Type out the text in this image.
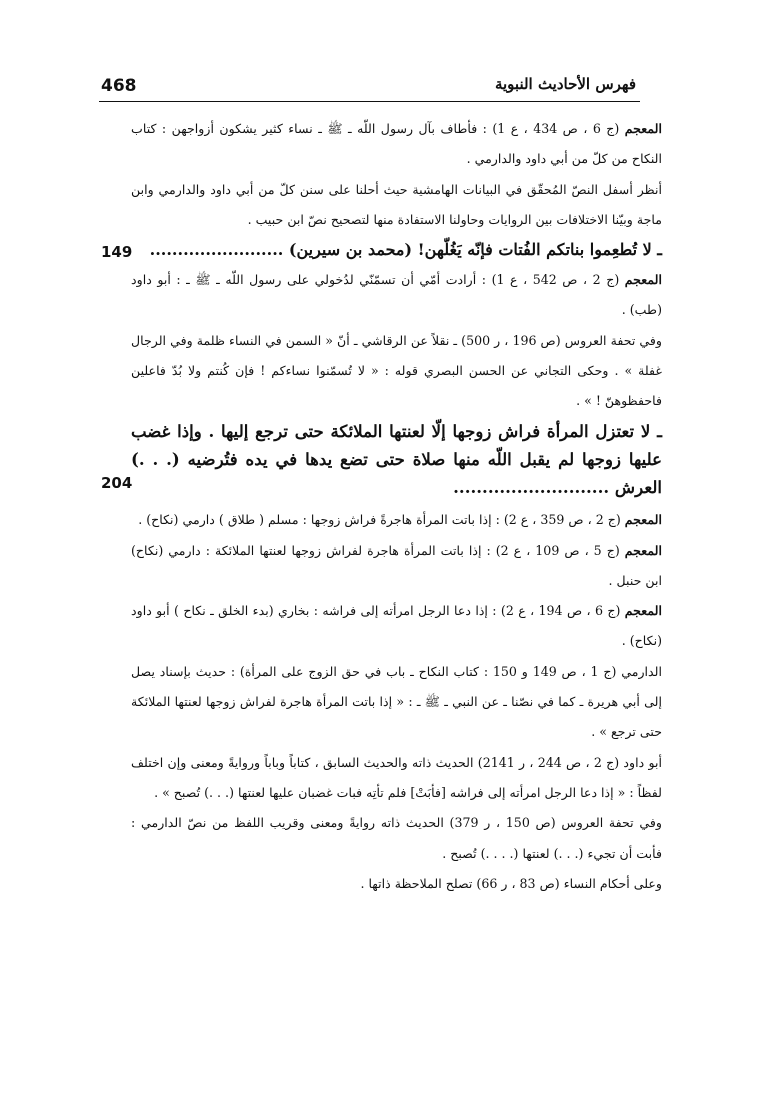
468	فهرس الأحاديث النبوية

المعجم (ج 6 ، ص 434 ، ع 1) : فأطاف بآل رسول اللّه ـ ﷺ ـ نساء كثير يشكون أزواجهن : كتاب النكاح من كلّ من أبي داود والدارمي .

أنظر أسفل النصّ المُحقّق في البيانات الهامشية حيث أحلنا على سنن كلّ من أبي داود والدارمي وابن ماجة وبيّنا الاختلافات بين الروايات وحاولنا الاستفادة منها لتصحيح نصّ ابن حبيب .

ـ لا تُطعِموا بناتكم الفُتات فإنّه يَغُلّهن! (محمد بن سيرين) ........................
149

المعجم (ج 2 ، ص 542 ، ع 1) : أرادت أمّي أن تسمّنّي لدُخولي على رسول اللّه ـ ﷺ ـ : أبو داود (طب) .

وفي تحفة العروس (ص 196 ، ر 500) ـ نقلاً عن الرقاشي ـ أنّ « السمن في النساء ظلمة وفي الرجال غفلة » . وحكى التجاني عن الحسن البصري قوله : « لا تُسمّنوا نساءكم ! فإن كُنتم ولا بُدّ فاعلين فاحفظوهنّ ! » .

ـ لا تعتزل المرأة فراش زوجها إلّا لعنتها الملائكة حتى ترجع إليها . وإذا غضب عليها زوجها لم يقبل اللّه منها صلاة حتى تضع يدها في يده فتُرضيه (. . .) العرش ...........................
204

المعجم (ج 2 ، ص 359 ، ع 2) : إذا باتت المرأة هاجرةً فراش زوجها : مسلم ( طلاق ) دارمي (نكاح) .

المعجم (ج 5 ، ص 109 ، ع 2) : إذا باتت المرأة هاجرة لفراش زوجها لعنتها الملائكة : دارمي (نكاح) ابن حنبل .

المعجم (ج 6 ، ص 194 ، ع 2) : إذا دعا الرجل امرأته إلى فراشه : بخاري (بدء الخلق ـ نكاح ) أبو داود (نكاح) .

الدارمي (ج 1 ، ص 149 و 150 : كتاب النكاح ـ باب في حق الزوج على المرأة) : حديث بإسناد يصل إلى أبي هريرة ـ كما في نصّنا ـ عن النبي ـ ﷺ ـ : « إذا باتت المرأة هاجرة لفراش زوجها لعنتها الملائكة حتى ترجع » .

أبو داود (ج 2 ، ص 244 ، ر 2141) الحديث ذاته والحديث السابق ، كتاباً وباباً وروايةً ومعنى وإن اختلف لفظاً : « إذا دعا الرجل امرأته إلى فراشه [فأبَتْ] فلم تأتِه فبات غضبان عليها لعنتها (. . .) تُصبح » .

وفي تحفة العروس (ص 150 ، ر 379) الحديث ذاته روايةً ومعنى وقريب اللفظ من نصّ الدارمي : فأبت أن تجيء (. . .) لعنتها (. . . .) تُصبح .

وعلى أحكام النساء (ص 83 ، ر 66) تصلح الملاحظة ذاتها .
